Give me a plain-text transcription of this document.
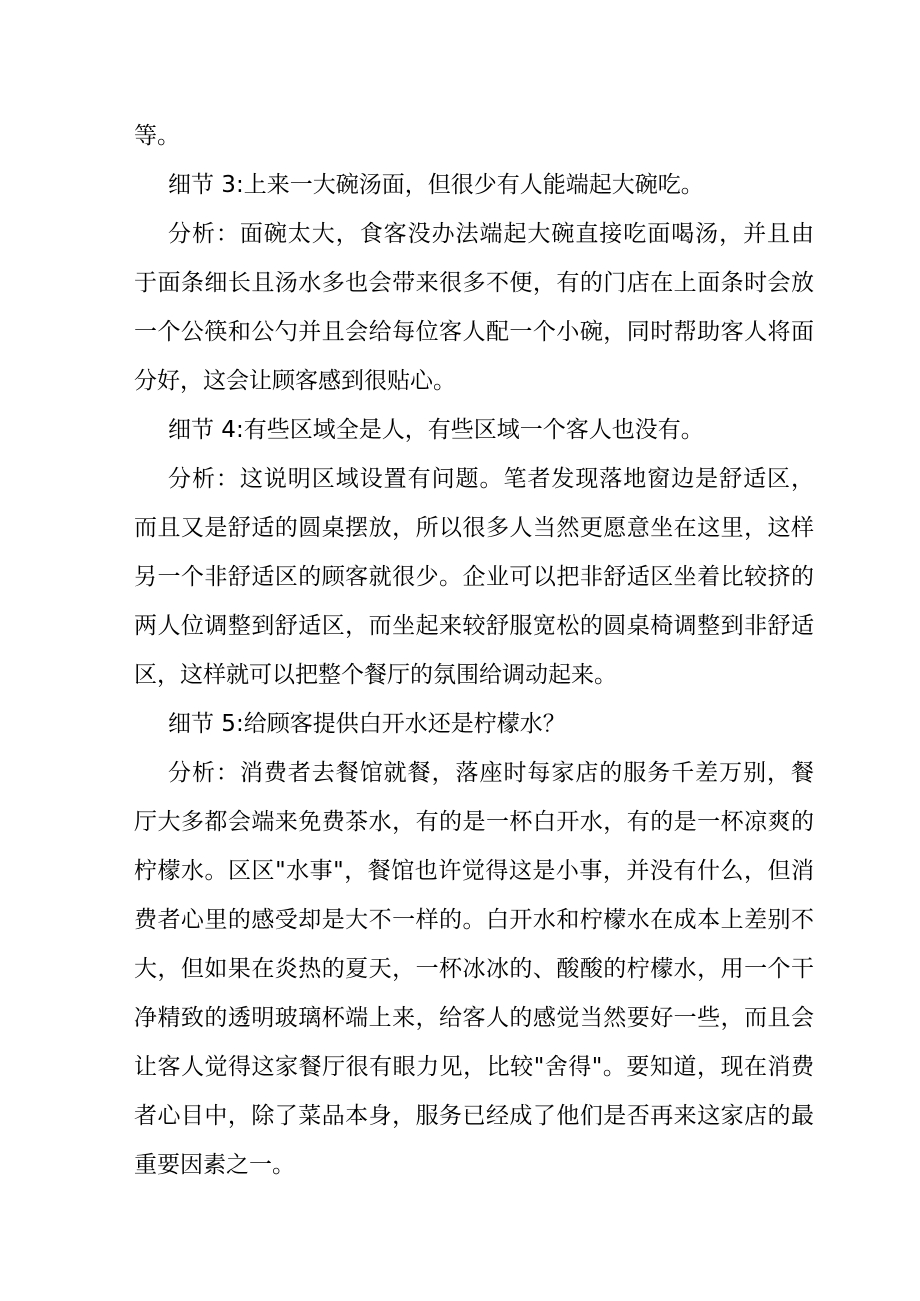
等。
细节 3:上来一大碗汤面，但很少有人能端起大碗吃。
分析：面碗太大，食客没办法端起大碗直接吃面喝汤，并且由
于面条细长且汤水多也会带来很多不便，有的门店在上面条时会放
一个公筷和公勺并且会给每位客人配一个小碗，同时帮助客人将面
分好，这会让顾客感到很贴心。
细节 4:有些区域全是人，有些区域一个客人也没有。
分析：这说明区域设置有问题。笔者发现落地窗边是舒适区，
而且又是舒适的圆桌摆放，所以很多人当然更愿意坐在这里，这样
另一个非舒适区的顾客就很少。企业可以把非舒适区坐着比较挤的
两人位调整到舒适区，而坐起来较舒服宽松的圆桌椅调整到非舒适
区，这样就可以把整个餐厅的氛围给调动起来。
细节 5:给顾客提供白开水还是柠檬水？
分析：消费者去餐馆就餐，落座时每家店的服务千差万别，餐
厅大多都会端来免费茶水，有的是一杯白开水，有的是一杯凉爽的
柠檬水。区区"水事"，餐馆也许觉得这是小事，并没有什么，但消
费者心里的感受却是大不一样的。白开水和柠檬水在成本上差别不
大，但如果在炎热的夏天，一杯冰冰的、酸酸的柠檬水，用一个干
净精致的透明玻璃杯端上来，给客人的感觉当然要好一些，而且会
让客人觉得这家餐厅很有眼力见，比较"舍得"。要知道，现在消费
者心目中，除了菜品本身，服务已经成了他们是否再来这家店的最
重要因素之一。
